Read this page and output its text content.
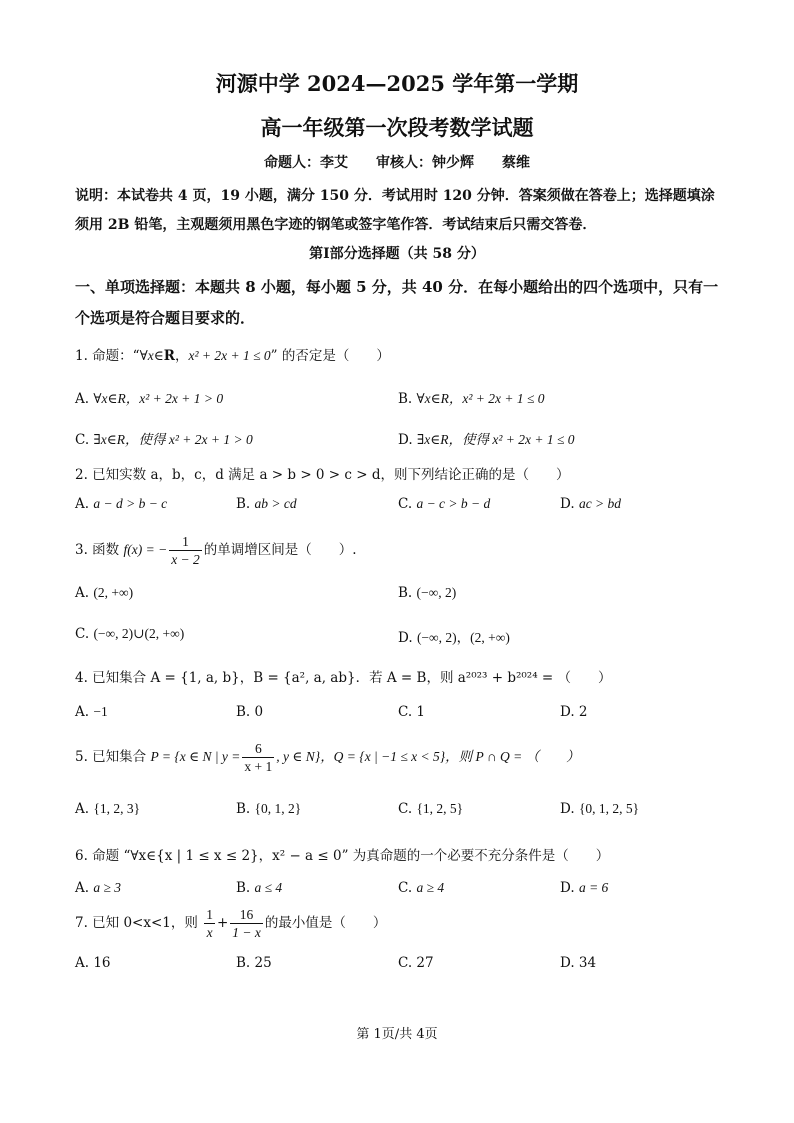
河源中学 2024—2025 学年第一学期
高一年级第一次段考数学试题
命题人：李艾 审核人：钟少辉 蔡维
说明：本试卷共 4 页，19 小题，满分 150 分．考试用时 120 分钟．答案须做在答卷上；选择题填涂须用 2B 铅笔，主观题须用黑色字迹的钢笔或签字笔作答．考试结束后只需交答卷．
第Ⅰ部分选择题（共 58 分）
一、单项选择题：本题共 8 小题，每小题 5 分，共 40 分．在每小题给出的四个选项中，只有一个选项是符合题目要求的．
1. 命题：“∀x∈R，x² + 2x + 1 ≤ 0” 的否定是（　　）
A. ∀x∈R，x² + 2x + 1 > 0	B. ∀x∈R，x² + 2x + 1 ≤ 0
C. ∃x∈R，使得 x² + 2x + 1 > 0	D. ∃x∈R，使得 x² + 2x + 1 ≤ 0
2. 已知实数 a，b，c，d 满足 a > b > 0 > c > d，则下列结论正确的是（　　）
A. a − d > b − c	B. ab > cd	C. a − c > b − d	D. ac > bd
3. 函数 f(x) = − $\frac{1}{x - 2}$ 的单调增区间是（　　）.
A. (2, +∞)	B. (−∞, 2)
C. (−∞, 2)∪(2, +∞)	D. (−∞, 2)，(2, +∞)
4. 已知集合 A = {1, a, b}，B = {a², a, ab}．若 A = B，则 a²⁰²³ + b²⁰²⁴ = （　　）
A. −1	B. 0	C. 1	D. 2
5. 已知集合 P = {x ∈ N | $y = \frac{6}{x + 1}$ , y ∈ N}，Q = {x | −1 ≤ x < 5}，则 P ∩ Q = （　　）
A. {1, 2, 3}	B. {0, 1, 2}	C. {1, 2, 5}	D. {0, 1, 2, 5}
6. 命题 “∀x∈{x | 1 ≤ x ≤ 2}，x² − a ≤ 0” 为真命题的一个必要不充分条件是（　　）
A. a ≥ 3	B. a ≤ 4	C. a ≥ 4	D. a = 6
7. 已知 0<x<1，则 $\frac{1}{x} + \frac{16}{1 - x}$ 的最小值是（　　）
A. 16	B. 25	C. 27	D. 34
第 1页/共 4页
